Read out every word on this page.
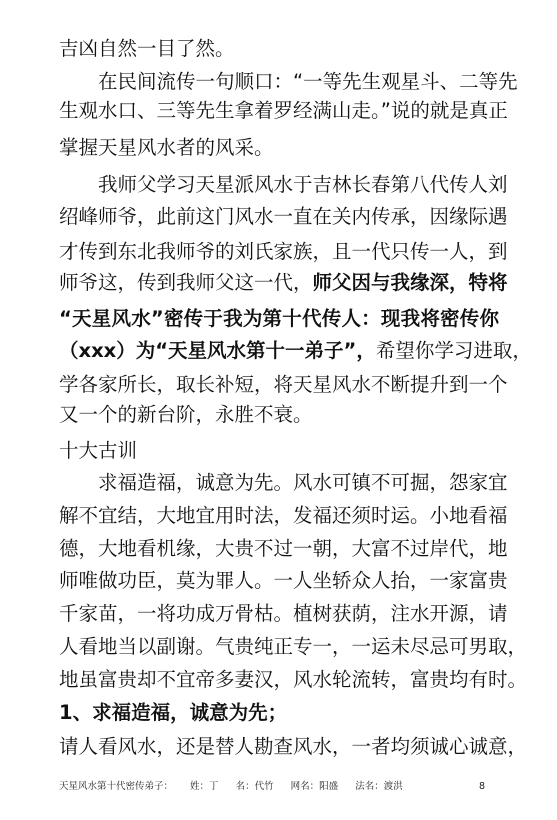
吉凶自然一目了然。
在民间流传一句顺口：“一等先生观星斗、二等先
生观水口、三等先生拿着罗经满山走。”说的就是真正
掌握天星风水者的风采。
我师父学习天星派风水于吉林长春第八代传人刘
绍峰师爷，此前这门风水一直在关内传承，因缘际遇
才传到东北我师爷的刘氏家族，且一代只传一人，到
师爷这，传到我师父这一代，师父因与我缘深，特将
“天星风水”密传于我为第十代传人：现我将密传你
（xxx）为“天星风水第十一弟子”，希望你学习进取，
学各家所长，取长补短，将天星风水不断提升到一个
又一个的新台阶，永胜不衰。
十大古训
求福造福，诚意为先。风水可镇不可掘，怨家宜
解不宜结，大地宜用时法，发福还须时运。小地看福
德，大地看机缘，大贵不过一朝，大富不过岸代，地
师唯做功臣，莫为罪人。一人坐轿众人抬，一家富贵
千家苗，一将功成万骨枯。植树获荫，注水开源，请
人看地当以副谢。气贵纯正专一，一运未尽忌可男取，
地虽富贵却不宜帝多妻汉，风水轮流转，富贵均有时。
1、求福造福，诚意为先；
请人看风水，还是替人勘查风水，一者均须诚心诚意，
天星风水第十代密传弟子： 姓：丁 名：代竹 网名：阳盛 法名：渡洪	8
